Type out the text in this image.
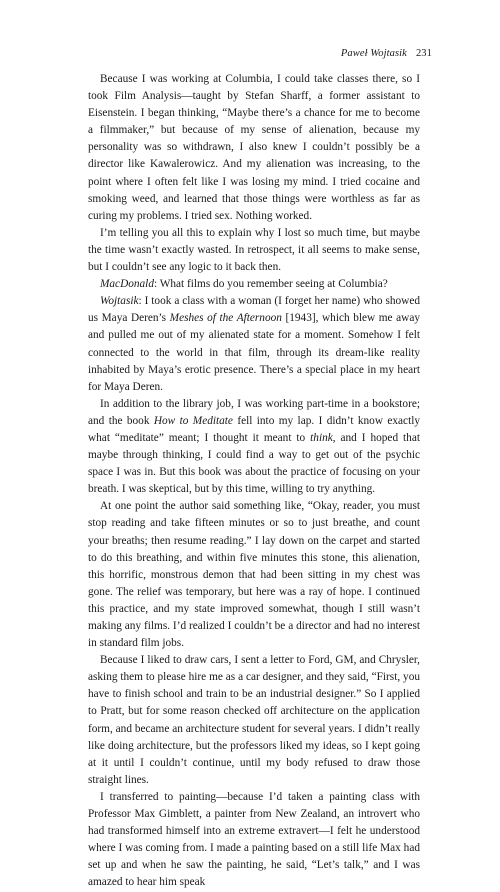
Paweł Wojtasik 231

Because I was working at Columbia, I could take classes there, so I took Film Analysis—taught by Stefan Sharff, a former assistant to Eisenstein. I began thinking, “Maybe there’s a chance for me to become a filmmaker,” but because of my sense of alienation, because my personality was so withdrawn, I also knew I couldn’t possibly be a director like Kawalerowicz. And my alienation was increasing, to the point where I often felt like I was losing my mind. I tried cocaine and smoking weed, and learned that those things were worthless as far as curing my problems. I tried sex. Nothing worked.

I’m telling you all this to explain why I lost so much time, but maybe the time wasn’t exactly wasted. In retrospect, it all seems to make sense, but I couldn’t see any logic to it back then.

MacDonald: What films do you remember seeing at Columbia?

Wojtasik: I took a class with a woman (I forget her name) who showed us Maya Deren’s Meshes of the Afternoon [1943], which blew me away and pulled me out of my alienated state for a moment. Somehow I felt connected to the world in that film, through its dream-like reality inhabited by Maya’s erotic presence. There’s a special place in my heart for Maya Deren.

In addition to the library job, I was working part-time in a bookstore; and the book How to Meditate fell into my lap. I didn’t know exactly what “meditate” meant; I thought it meant to think, and I hoped that maybe through thinking, I could find a way to get out of the psychic space I was in. But this book was about the practice of focusing on your breath. I was skeptical, but by this time, willing to try anything.

At one point the author said something like, “Okay, reader, you must stop reading and take fifteen minutes or so to just breathe, and count your breaths; then resume reading.” I lay down on the carpet and started to do this breathing, and within five minutes this stone, this alienation, this horrific, monstrous demon that had been sitting in my chest was gone. The relief was temporary, but here was a ray of hope. I continued this practice, and my state improved somewhat, though I still wasn’t making any films. I’d realized I couldn’t be a director and had no interest in standard film jobs.

Because I liked to draw cars, I sent a letter to Ford, GM, and Chrysler, asking them to please hire me as a car designer, and they said, “First, you have to finish school and train to be an industrial designer.” So I applied to Pratt, but for some reason checked off architecture on the application form, and became an architecture student for several years. I didn’t really like doing architecture, but the professors liked my ideas, so I kept going at it until I couldn’t continue, until my body refused to draw those straight lines.

I transferred to painting—because I’d taken a painting class with Professor Max Gimblett, a painter from New Zealand, an introvert who had transformed himself into an extreme extravert—I felt he understood where I was coming from. I made a painting based on a still life Max had set up and when he saw the painting, he said, “Let’s talk,” and I was amazed to hear him speak
